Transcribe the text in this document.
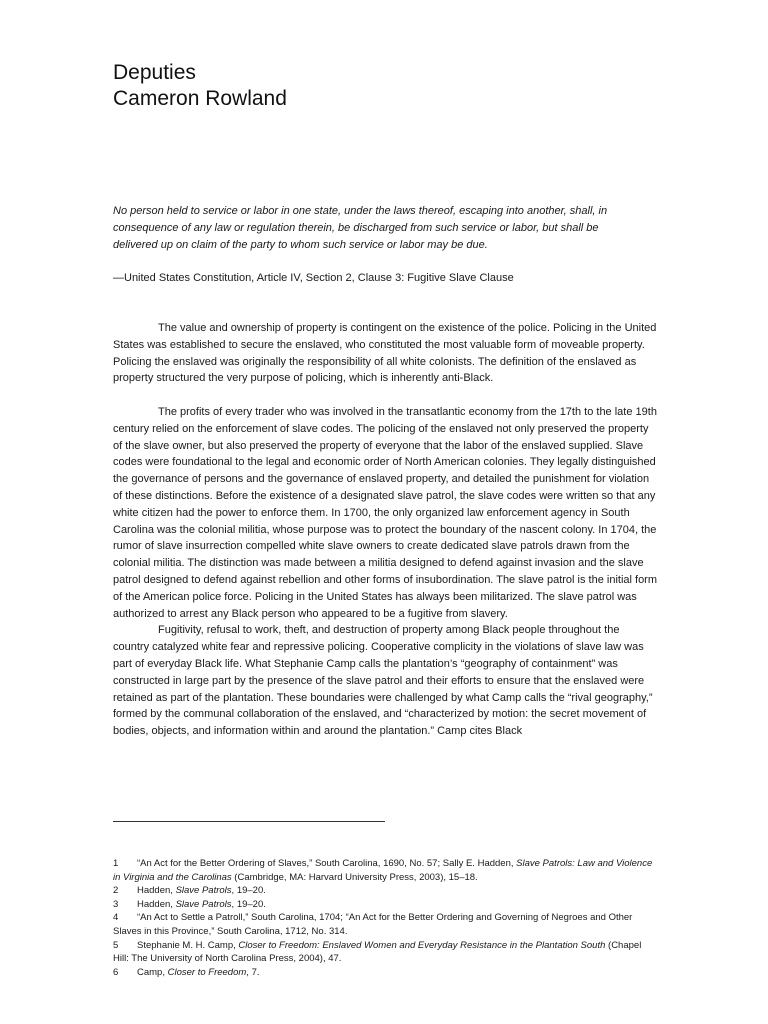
Deputies
Cameron Rowland
No person held to service or labor in one state, under the laws thereof, escaping into another, shall, in consequence of any law or regulation therein, be discharged from such service or labor, but shall be delivered up on claim of the party to whom such service or labor may be due.
—United States Constitution, Article IV, Section 2, Clause 3: Fugitive Slave Clause

The value and ownership of property is contingent on the existence of the police. Policing in the United States was established to secure the enslaved, who constituted the most valuable form of moveable property. Policing the enslaved was originally the responsibility of all white colonists. The definition of the enslaved as property structured the very purpose of policing, which is inherently anti-Black.

The profits of every trader who was involved in the transatlantic economy from the 17th to the late 19th century relied on the enforcement of slave codes. The policing of the enslaved not only preserved the property of the slave owner, but also preserved the property of everyone that the labor of the enslaved supplied. Slave codes were foundational to the legal and economic order of North American colonies. They legally distinguished the governance of persons and the governance of enslaved property, and detailed the punishment for violation of these distinctions. Before the existence of a designated slave patrol, the slave codes were written so that any white citizen had the power to enforce them. In 1700, the only organized law enforcement agency in South Carolina was the colonial militia, whose purpose was to protect the boundary of the nascent colony. In 1704, the rumor of slave insurrection compelled white slave owners to create dedicated slave patrols drawn from the colonial militia. The distinction was made between a militia designed to defend against invasion and the slave patrol designed to defend against rebellion and other forms of insubordination. The slave patrol is the initial form of the American police force. Policing in the United States has always been militarized. The slave patrol was authorized to arrest any Black person who appeared to be a fugitive from slavery.

Fugitivity, refusal to work, theft, and destruction of property among Black people throughout the country catalyzed white fear and repressive policing. Cooperative complicity in the violations of slave law was part of everyday Black life. What Stephanie Camp calls the plantation’s “geography of containment” was constructed in large part by the presence of the slave patrol and their efforts to ensure that the enslaved were retained as part of the plantation. These boundaries were challenged by what Camp calls the “rival geography,” formed by the communal collaboration of the enslaved, and “characterized by motion: the secret movement of bodies, objects, and information within and around the plantation.” Camp cites Black

1 “An Act for the Better Ordering of Slaves,” South Carolina, 1690, No. 57; Sally E. Hadden, Slave Patrols: Law and Violence in Virginia and the Carolinas (Cambridge, MA: Harvard University Press, 2003), 15–18.
2 Hadden, Slave Patrols, 19–20.
3 Hadden, Slave Patrols, 19–20.
4 “An Act to Settle a Patroll,” South Carolina, 1704; “An Act for the Better Ordering and Governing of Negroes and Other Slaves in this Province,” South Carolina, 1712, No. 314.
5 Stephanie M. H. Camp, Closer to Freedom: Enslaved Women and Everyday Resistance in the Plantation South (Chapel Hill: The University of North Carolina Press, 2004), 47.
6 Camp, Closer to Freedom, 7.
